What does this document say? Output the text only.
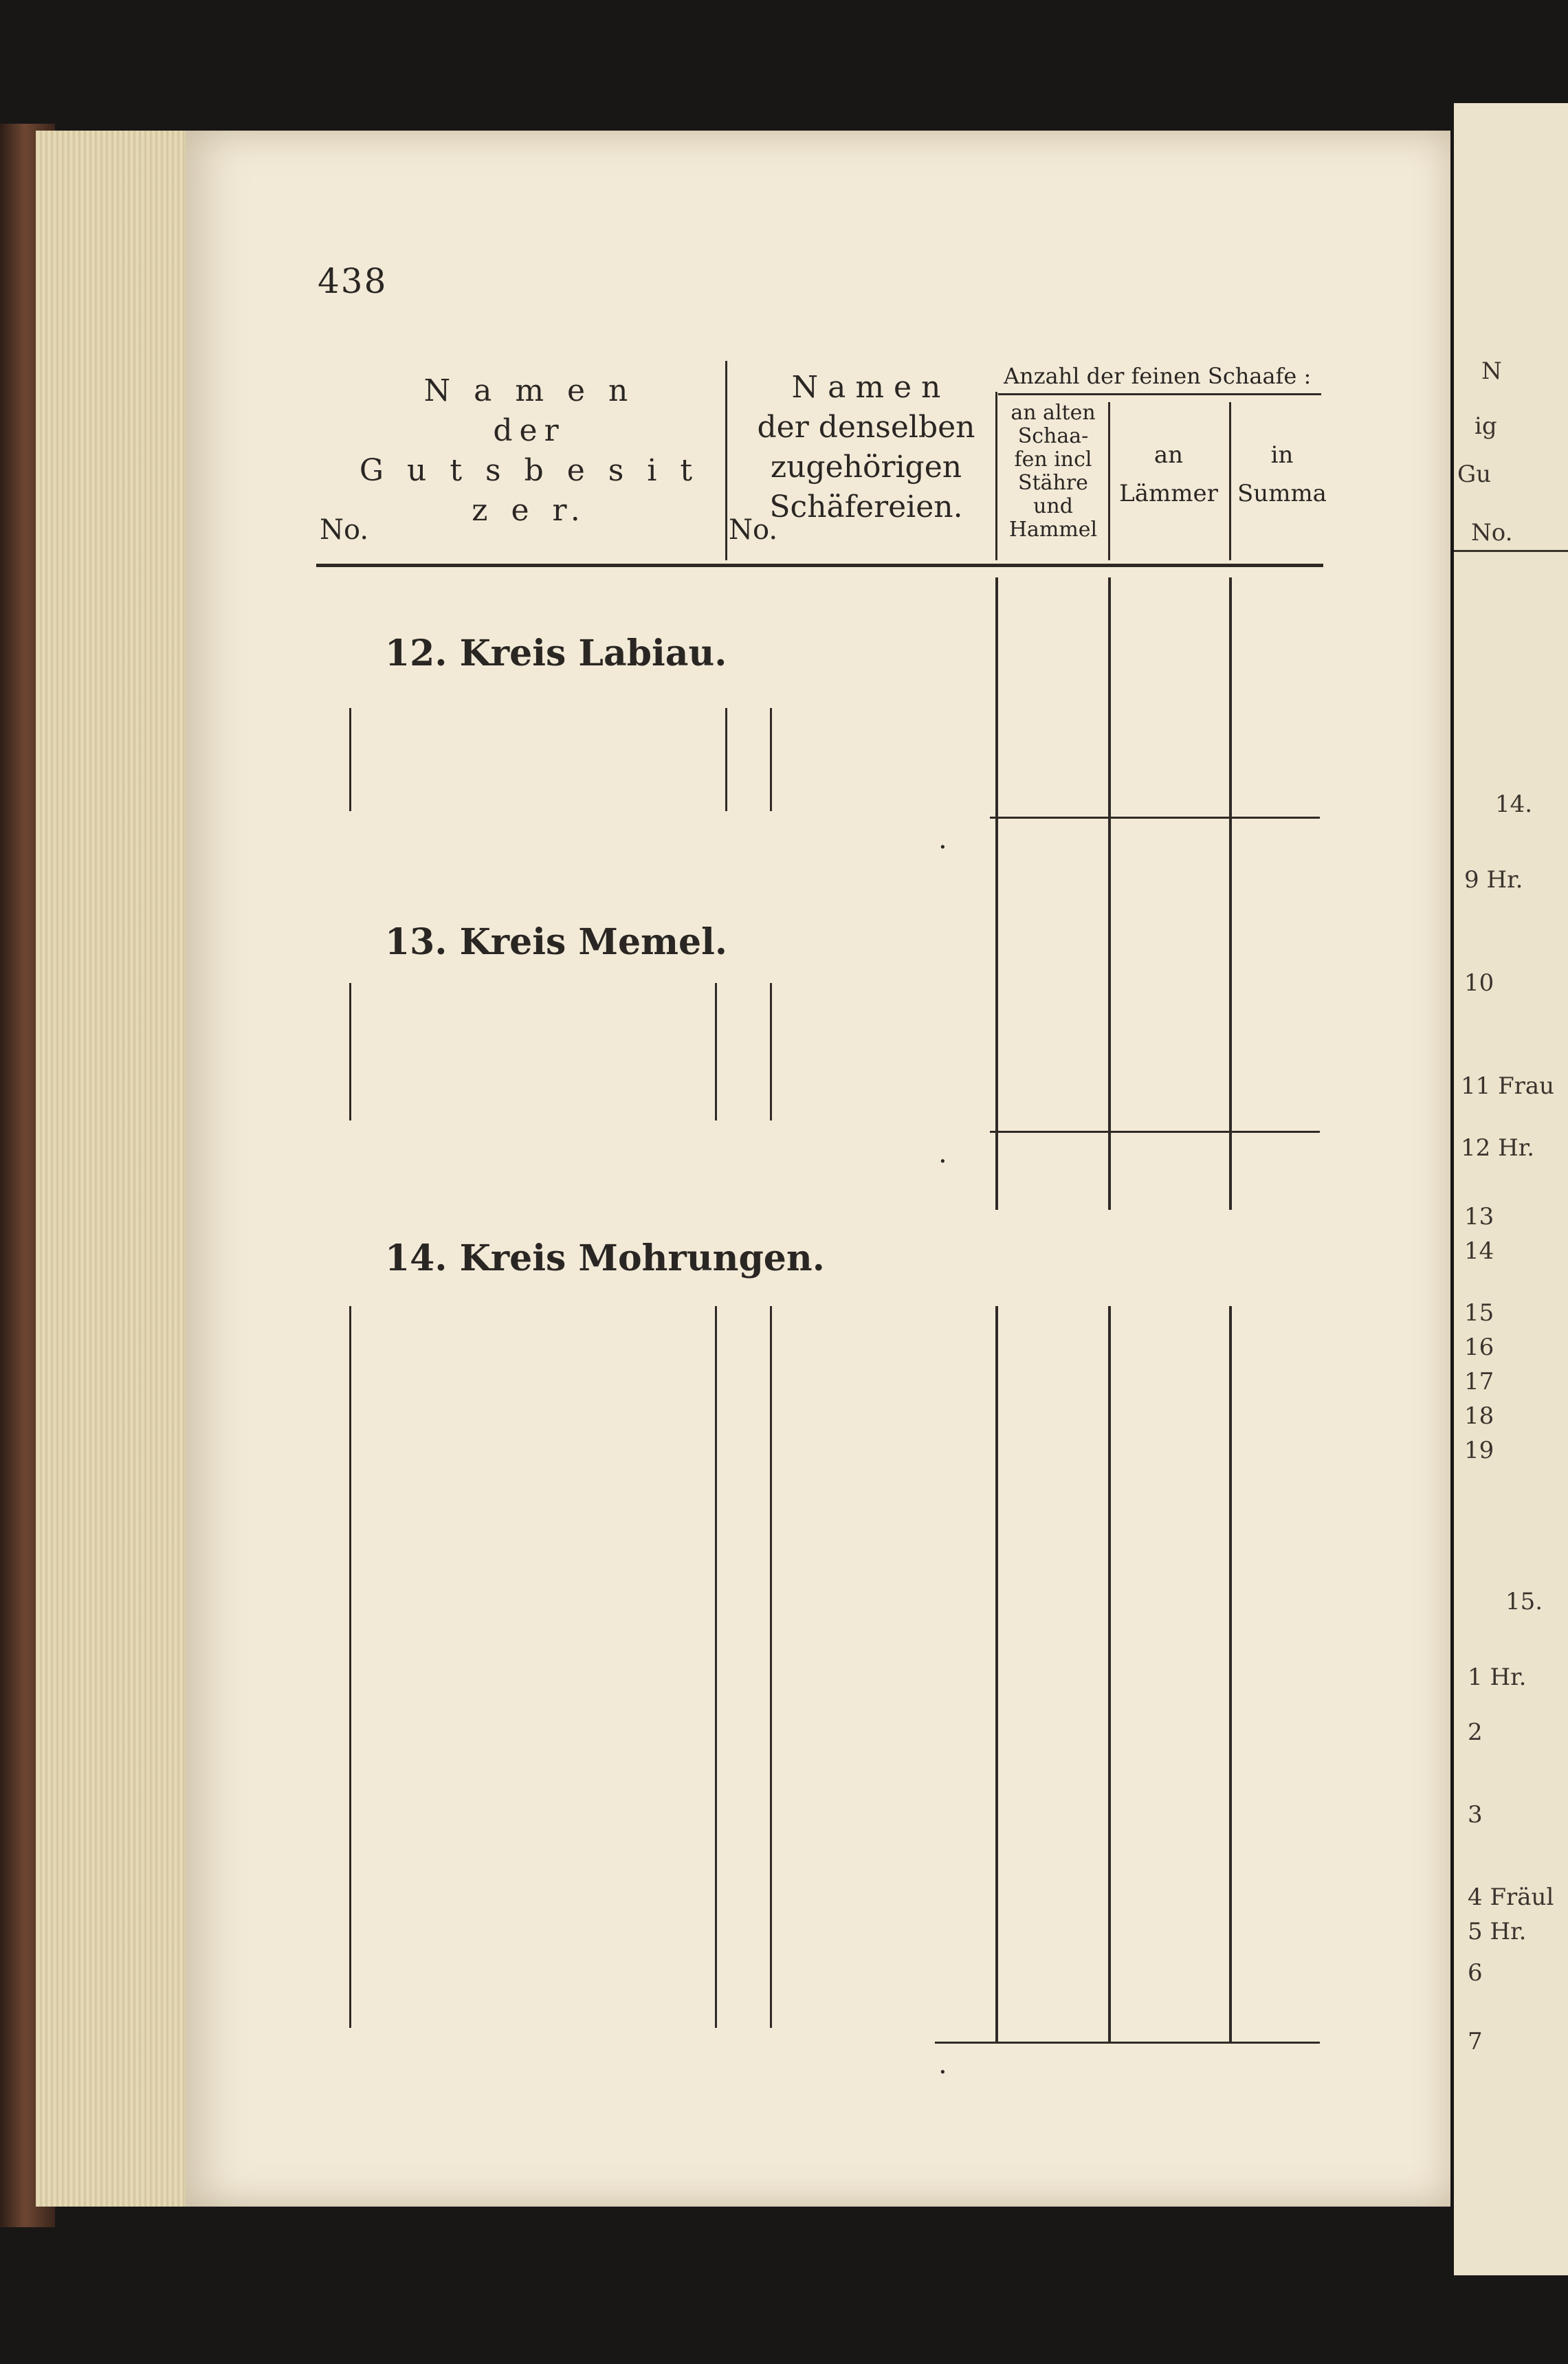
N
ig
Gu
No.
14.
9 Hr.
10
11 Frau
12 Hr.
13
14
15
16
17
18
19
15.
1 Hr.
2
3
4 Fräul
5 Hr.
6
7
438
N a m e n
der
G u t s b e s i t z e r.
No.
N a m e n
der denselben
zugehörigen
Schäfereien.
No.
Anzahl der feinen Schaafe :
an alten
Schaa-
fen incl
Stähre
und
Hammel
an
Lämmer
in
Summa
12. Kreis Labiau.
.
13. Kreis Memel.
.
14. Kreis Mohrungen.
.
